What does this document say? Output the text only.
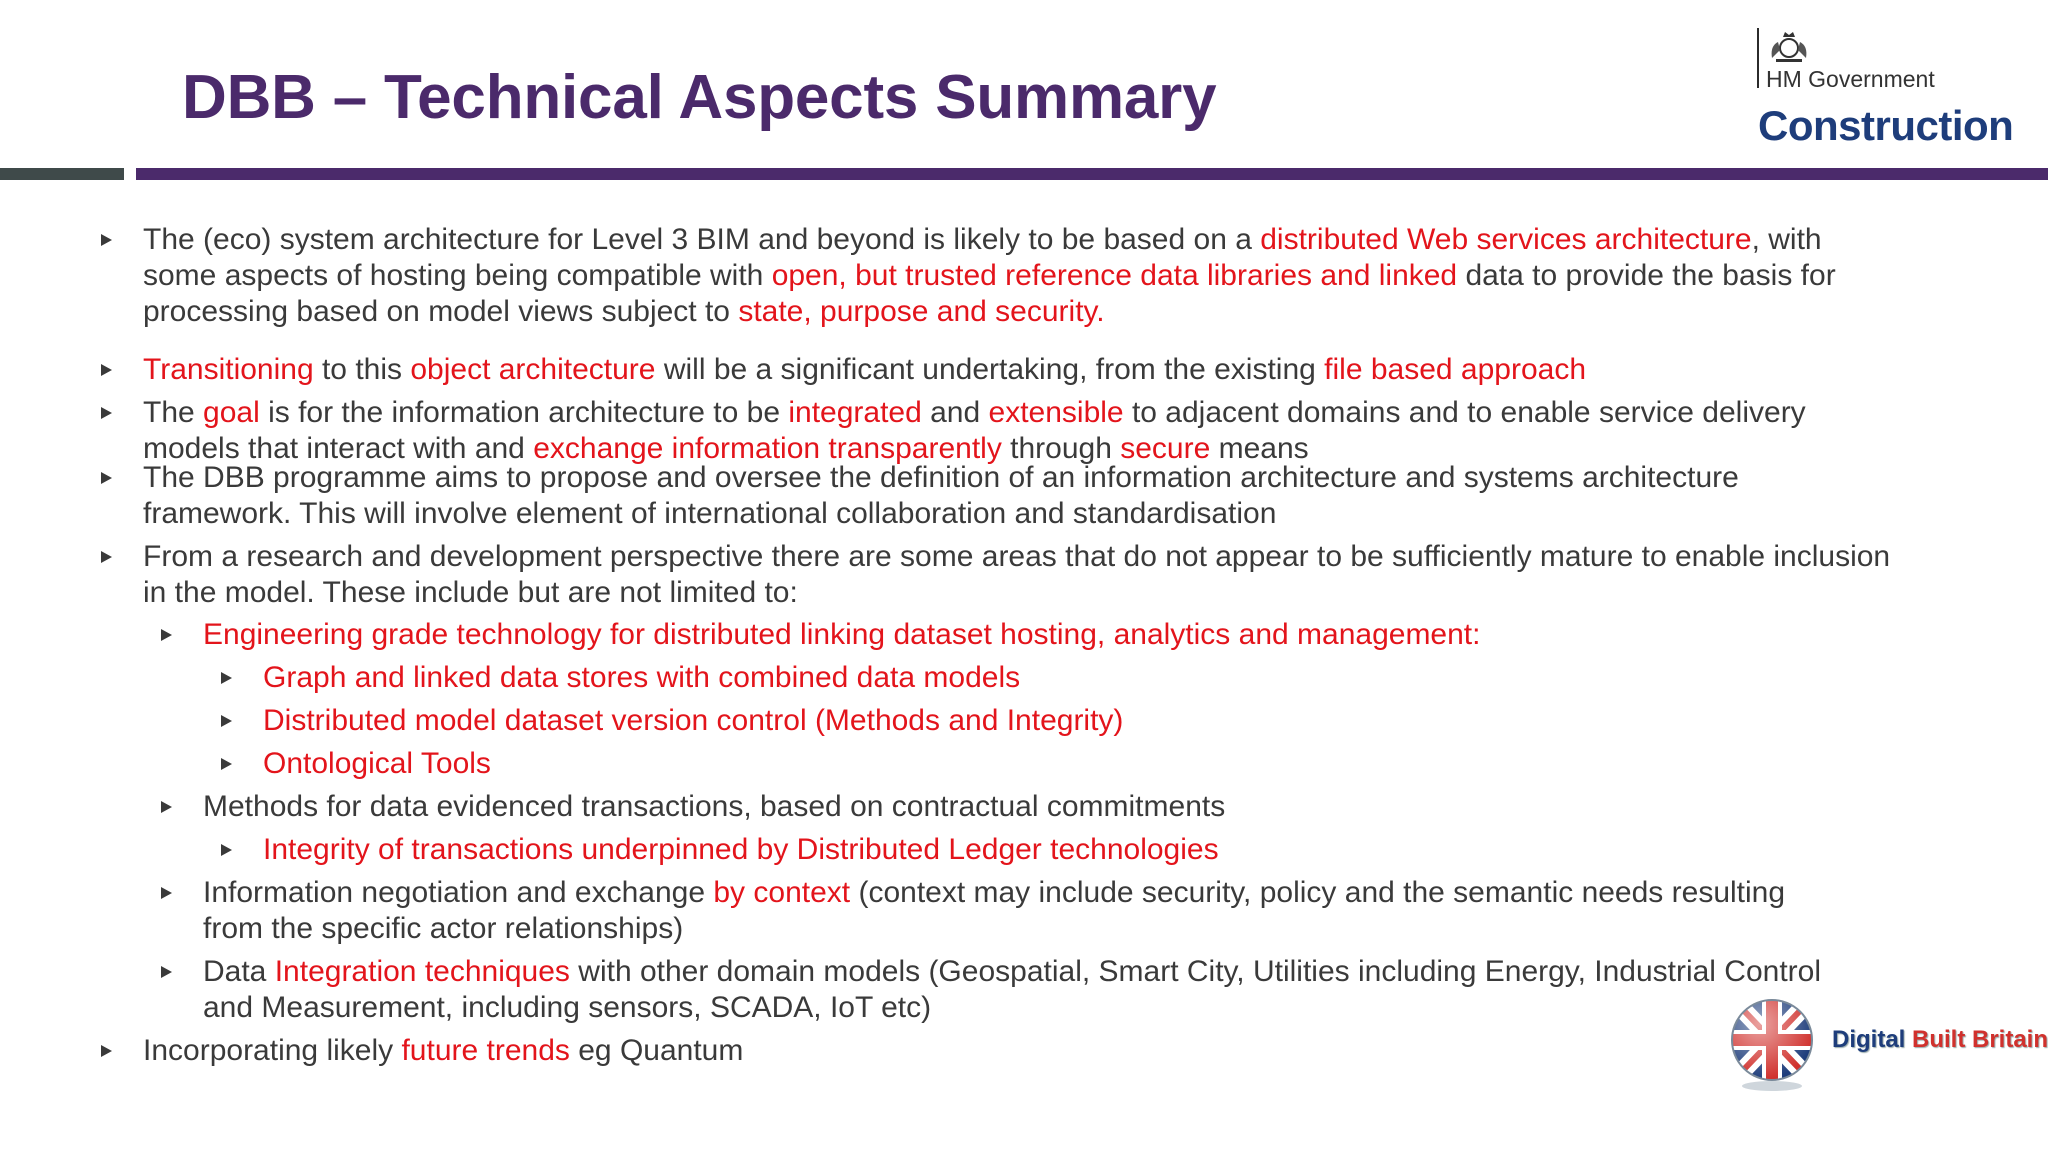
DBB – Technical Aspects Summary	HM Government
Construction
The (eco) system architecture for Level 3 BIM and beyond is likely to be based on a distributed Web services architecture, with some aspects of hosting being compatible with open, but trusted reference data libraries and linked data to provide the basis for processing based on model views subject to state, purpose and security.
Transitioning to this object architecture will be a significant undertaking, from the existing file based approach
The goal is for the information architecture to be integrated and extensible to adjacent domains and to enable service delivery models that interact with and exchange information transparently through secure means
The DBB programme aims to propose and oversee the definition of an information architecture and systems architecture framework. This will involve element of international collaboration and standardisation
From a research and development perspective there are some areas that do not appear to be sufficiently mature to enable inclusion in the model. These include but are not limited to:
Engineering grade technology for distributed linking dataset hosting, analytics and management:
Graph and linked data stores with combined data models
Distributed model dataset version control (Methods and Integrity)
Ontological Tools
Methods for data evidenced transactions, based on contractual commitments
Integrity of transactions underpinned by Distributed Ledger technologies
Information negotiation and exchange by context (context may include security, policy and the semantic needs resulting from the specific actor relationships)
Data Integration techniques with other domain models (Geospatial, Smart City, Utilities including Energy, Industrial Control and Measurement, including sensors, SCADA, IoT etc)
Incorporating likely future trends eg Quantum	Digital Built Britain
